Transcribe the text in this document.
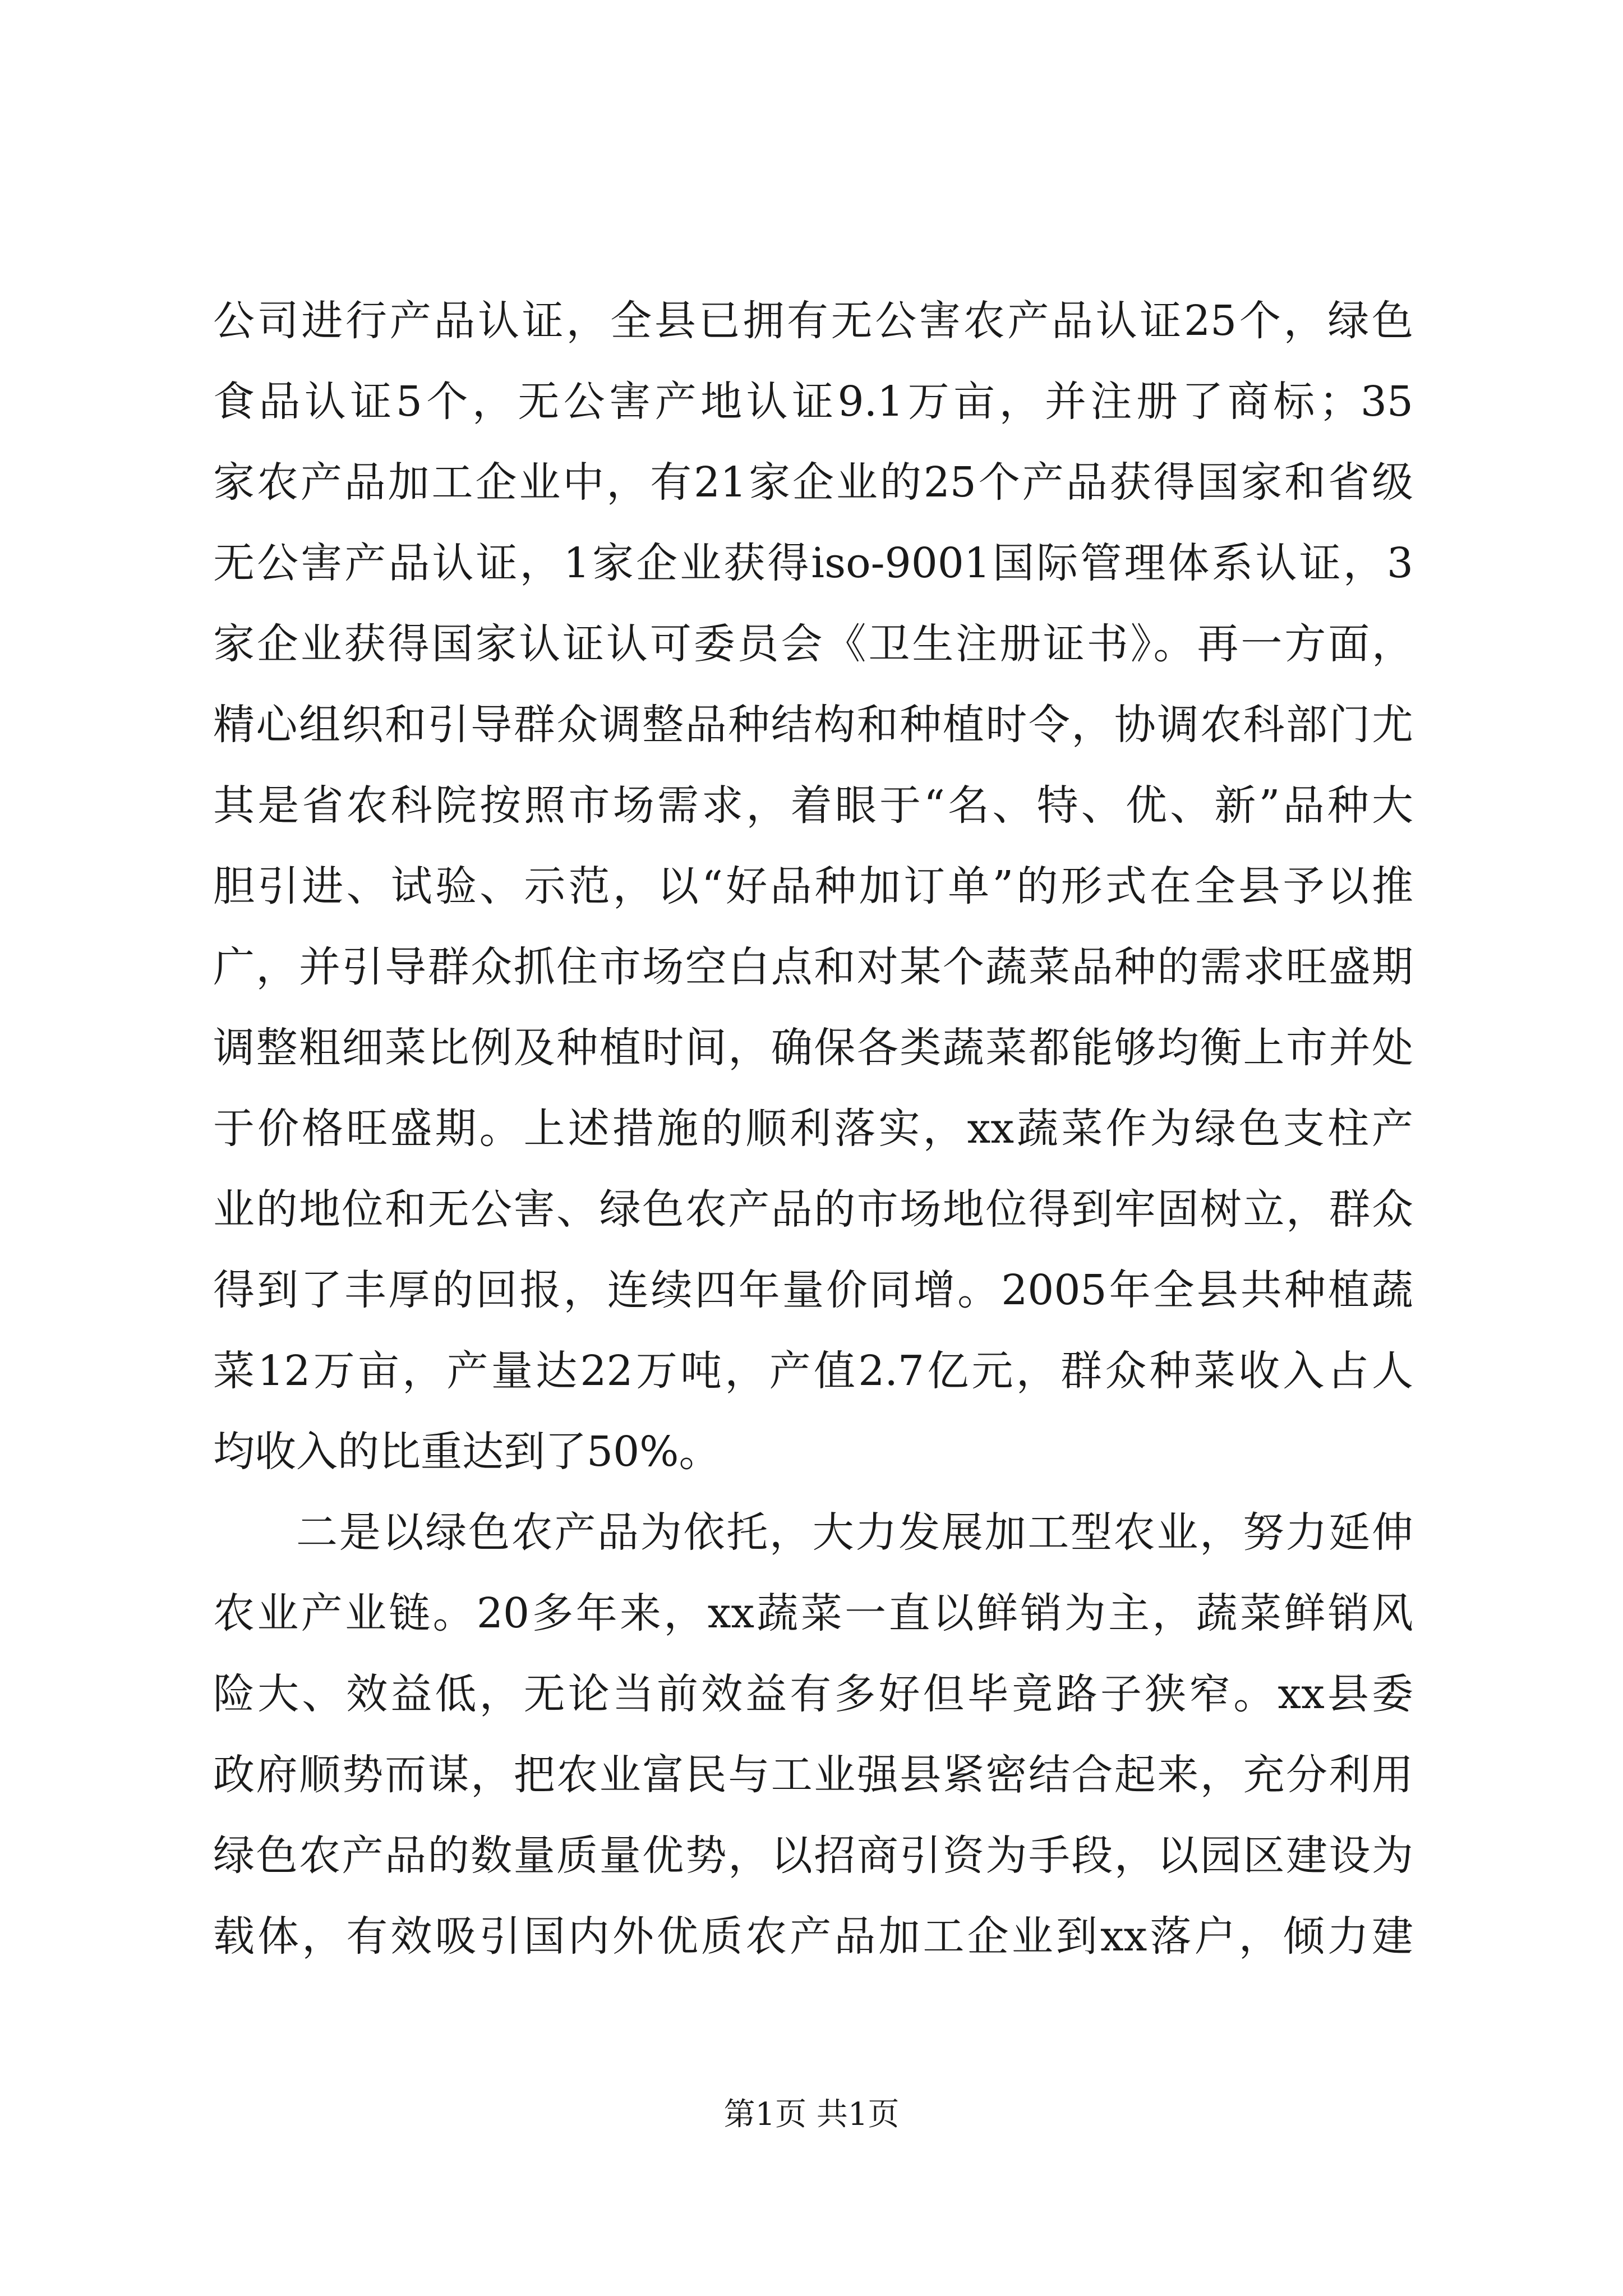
公司进行产品认证，全县已拥有无公害农产品认证25个，绿色
食品认证5个，无公害产地认证9.1万亩，并注册了商标；35
家农产品加工企业中，有21家企业的25个产品获得国家和省级
无公害产品认证，1家企业获得iso-9001国际管理体系认证，3
家企业获得国家认证认可委员会《卫生注册证书》。再一方面，
精心组织和引导群众调整品种结构和种植时令，协调农科部门尤
其是省农科院按照市场需求，着眼于“名、特、优、新”品种大
胆引进、试验、示范，以“好品种加订单”的形式在全县予以推
广，并引导群众抓住市场空白点和对某个蔬菜品种的需求旺盛期
调整粗细菜比例及种植时间，确保各类蔬菜都能够均衡上市并处
于价格旺盛期。上述措施的顺利落实，xx蔬菜作为绿色支柱产
业的地位和无公害、绿色农产品的市场地位得到牢固树立，群众
得到了丰厚的回报，连续四年量价同增。2005年全县共种植蔬
菜12万亩，产量达22万吨，产值2.7亿元，群众种菜收入占人
均收入的比重达到了50%。
二是以绿色农产品为依托，大力发展加工型农业，努力延伸
农业产业链。20多年来，xx蔬菜一直以鲜销为主，蔬菜鲜销风
险大、效益低，无论当前效益有多好但毕竟路子狭窄。xx县委
政府顺势而谋，把农业富民与工业强县紧密结合起来，充分利用
绿色农产品的数量质量优势，以招商引资为手段，以园区建设为
载体，有效吸引国内外优质农产品加工企业到xx落户，倾力建
第1页 共1页
